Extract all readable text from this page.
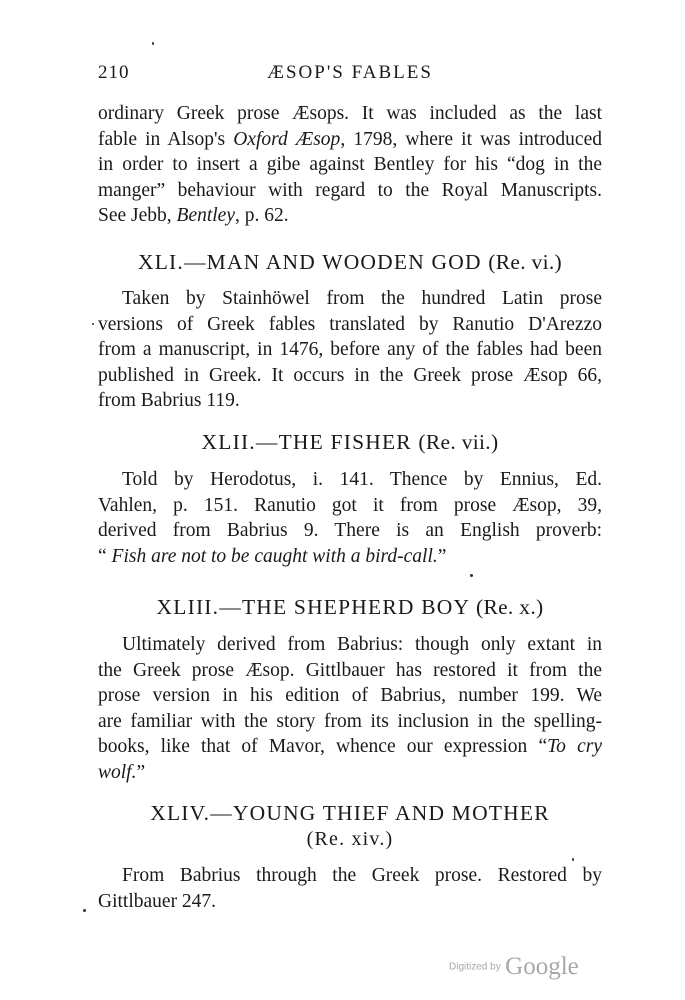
210	ÆSOP'S FABLES
ordinary Greek prose Æsops. It was included as the last
fable in Alsop's Oxford Æsop, 1798, where it was introduced
in order to insert a gibe against Bentley for his “dog in the
manger” behaviour with regard to the Royal Manuscripts.
See Jebb, Bentley, p. 62.
XLI.—MAN AND WOODEN GOD (Re. vi.)
Taken by Stainhöwel from the hundred Latin prose
versions of Greek fables translated by Ranutio D'Arezzo
from a manuscript, in 1476, before any of the fables had been
published in Greek. It occurs in the Greek prose Æsop 66,
from Babrius 119.
XLII.—THE FISHER (Re. vii.)
Told by Herodotus, i. 141. Thence by Ennius, Ed.
Vahlen, p. 151. Ranutio got it from prose Æsop, 39,
derived from Babrius 9. There is an English proverb:
“ Fish are not to be caught with a bird-call.”
XLIII.—THE SHEPHERD BOY (Re. x.)
Ultimately derived from Babrius: though only extant in
the Greek prose Æsop. Gittlbauer has restored it from the
prose version in his edition of Babrius, number 199. We
are familiar with the story from its inclusion in the spelling-
books, like that of Mavor, whence our expression “To cry
wolf.”
XLIV.—YOUNG THIEF AND MOTHER
(Re. xiv.)
From Babrius through the Greek prose. Restored by
Gittlbauer 247.
Digitized by Google
